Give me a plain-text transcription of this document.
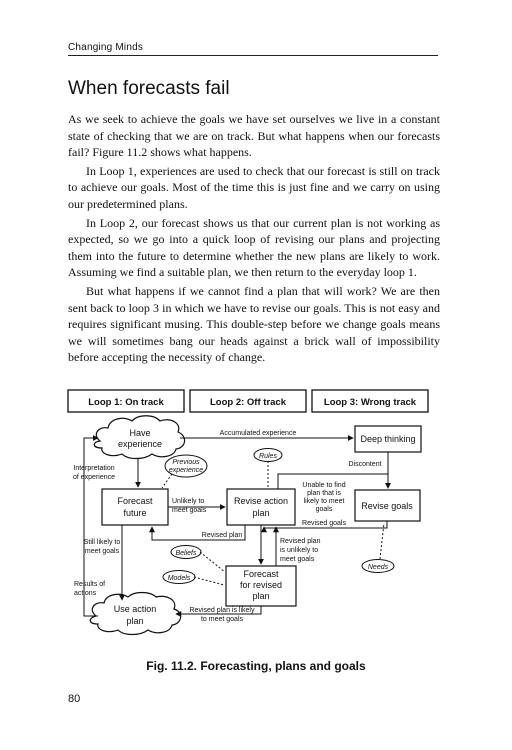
Changing Minds
When forecasts fail

As we seek to achieve the goals we have set ourselves we live in a constant state of checking that we are on track. But what happens when our forecasts fail? Figure 11.2 shows what happens.

In Loop 1, experiences are used to check that our forecast is still on track to achieve our goals. Most of the time this is just fine and we carry on using our predetermined plans.

In Loop 2, our forecast shows us that our current plan is not working as expected, so we go into a quick loop of revising our plans and projecting them into the future to determine whether the new plans are likely to work. Assuming we find a suitable plan, we then return to the everyday loop 1.

But what happens if we cannot find a plan that will work? We are then sent back to loop 3 in which we have to revise our goals. This is not easy and requires significant musing. This double-step before we change goals means we will sometimes bang our heads against a brick wall of impossibility before accepting the necessity of change.

Loop 1: On track	Loop 2: Off track	Loop 3: Wrong track
Have
experience
Use action
plan
Forecast
future
Revise action
plan
Revise goals
Deep thinking
Forecast
for revised
plan
Previous
experience
Rules
Beliefs
Models
Needs
Accumulated experience
Interpretation
of experience
Discontent
Unlikely to
meet goals
Unable to find
plan that is
likely to meet
goals
Revised goals
Revised plan
Revised plan
is unlikely to
meet goals
Still likely to
meet goals
Results of
actions
Revised plan is likely
to meet goals
Fig. 11.2. Forecasting, plans and goals
80
